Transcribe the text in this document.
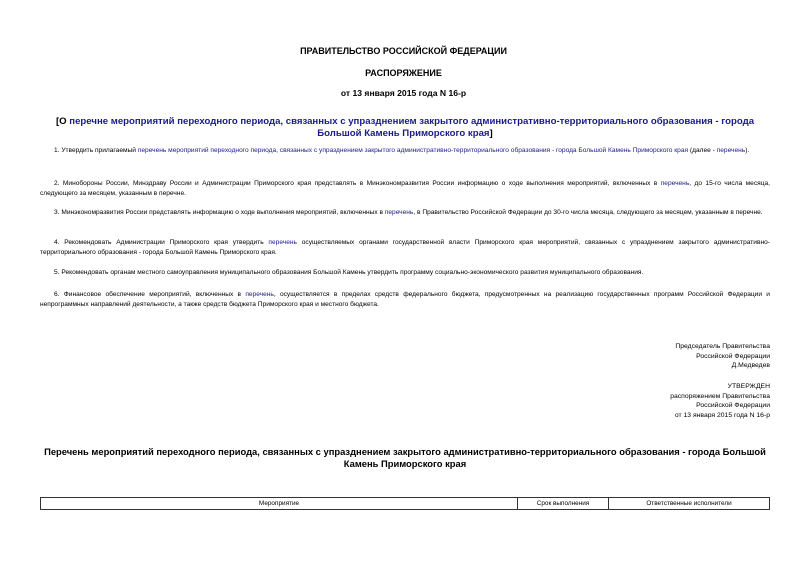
ПРАВИТЕЛЬСТВО РОССИЙСКОЙ ФЕДЕРАЦИИ
РАСПОРЯЖЕНИЕ
от 13 января 2015 года N 16-р
[О перечне мероприятий переходного периода, связанных с упразднением закрытого административно-территориального образования - города Большой Камень Приморского края]
1. Утвердить прилагаемый перечень мероприятий переходного периода, связанных с упразднением закрытого административно-территориального образования - города Большой Камень Приморского края (далее - перечень).
2. Минобороны России, Минздраву России и Администрации Приморского края представлять в Минэкономразвития России информацию о ходе выполнения мероприятий, включенных в перечень, до 15-го числа месяца, следующего за месяцем, указанным в перечне.
3. Минэкономразвития России представлять информацию о ходе выполнения мероприятий, включенных в перечень, в Правительство Российской Федерации до 30-го числа месяца, следующего за месяцем, указанным в перечне.
4. Рекомендовать Администрации Приморского края утвердить перечень осуществляемых органами государственной власти Приморского края мероприятий, связанных с упразднением закрытого административно-территориального образования - города Большой Камень Приморского края.
5. Рекомендовать органам местного самоуправления муниципального образования Большой Камень утвердить программу социально-экономического развития муниципального образования.
6. Финансовое обеспечение мероприятий, включенных в перечень, осуществляется в пределах средств федерального бюджета, предусмотренных на реализацию государственных программ Российской Федерации и непрограммных направлений деятельности, а также средств бюджета Приморского края и местного бюджета.
Председатель Правительства
Российской Федерации
Д.Медведев
УТВЕРЖДЕН
распоряжением Правительства
Российской Федерации
от 13 января 2015 года N 16-р
Перечень мероприятий переходного периода, связанных с упразднением закрытого административно-территориального образования - города Большой Камень Приморского края
Мероприятие	Срок выполнения	Ответственные исполнители
